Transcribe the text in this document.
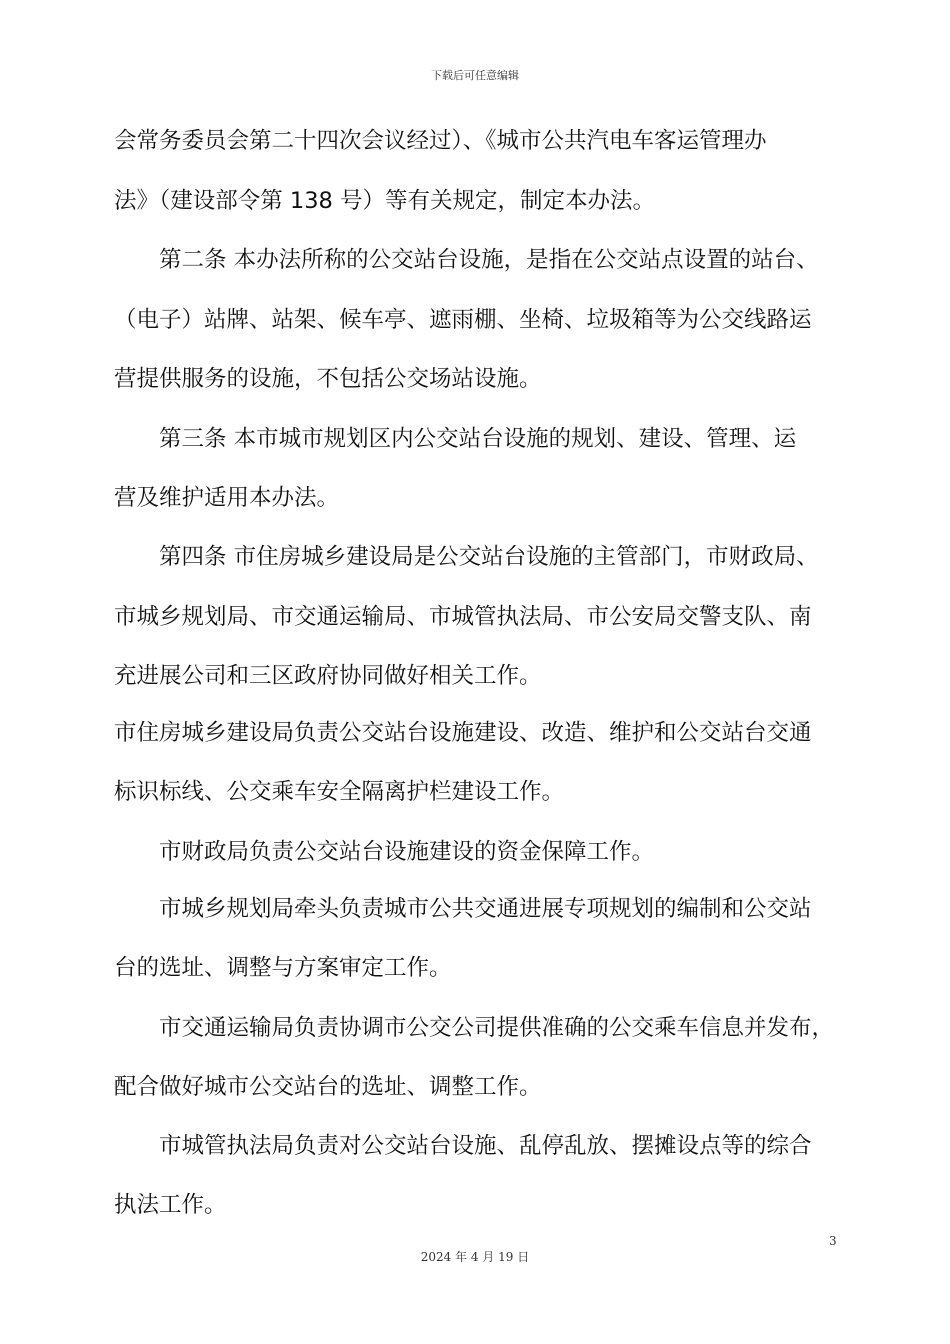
下载后可任意编辑
会常务委员会第二十四次会议经过）、《城市公共汽电车客运管理办
法》（建设部令第 138 号）等有关规定，制定本办法。
第二条 本办法所称的公交站台设施，是指在公交站点设置的站台、
（电子）站牌、站架、候车亭、遮雨棚、坐椅、垃圾箱等为公交线路运
营提供服务的设施，不包括公交场站设施。
第三条 本市城市规划区内公交站台设施的规划、建设、管理、运
营及维护适用本办法。
第四条 市住房城乡建设局是公交站台设施的主管部门，市财政局、
市城乡规划局、市交通运输局、市城管执法局、市公安局交警支队、南
充进展公司和三区政府协同做好相关工作。
市住房城乡建设局负责公交站台设施建设、改造、维护和公交站台交通
标识标线、公交乘车安全隔离护栏建设工作。
市财政局负责公交站台设施建设的资金保障工作。
市城乡规划局牵头负责城市公共交通进展专项规划的编制和公交站
台的选址、调整与方案审定工作。
市交通运输局负责协调市公交公司提供准确的公交乘车信息并发布，
配合做好城市公交站台的选址、调整工作。
市城管执法局负责对公交站台设施、乱停乱放、摆摊设点等的综合
执法工作。
3
2024 年 4 月 19 日
